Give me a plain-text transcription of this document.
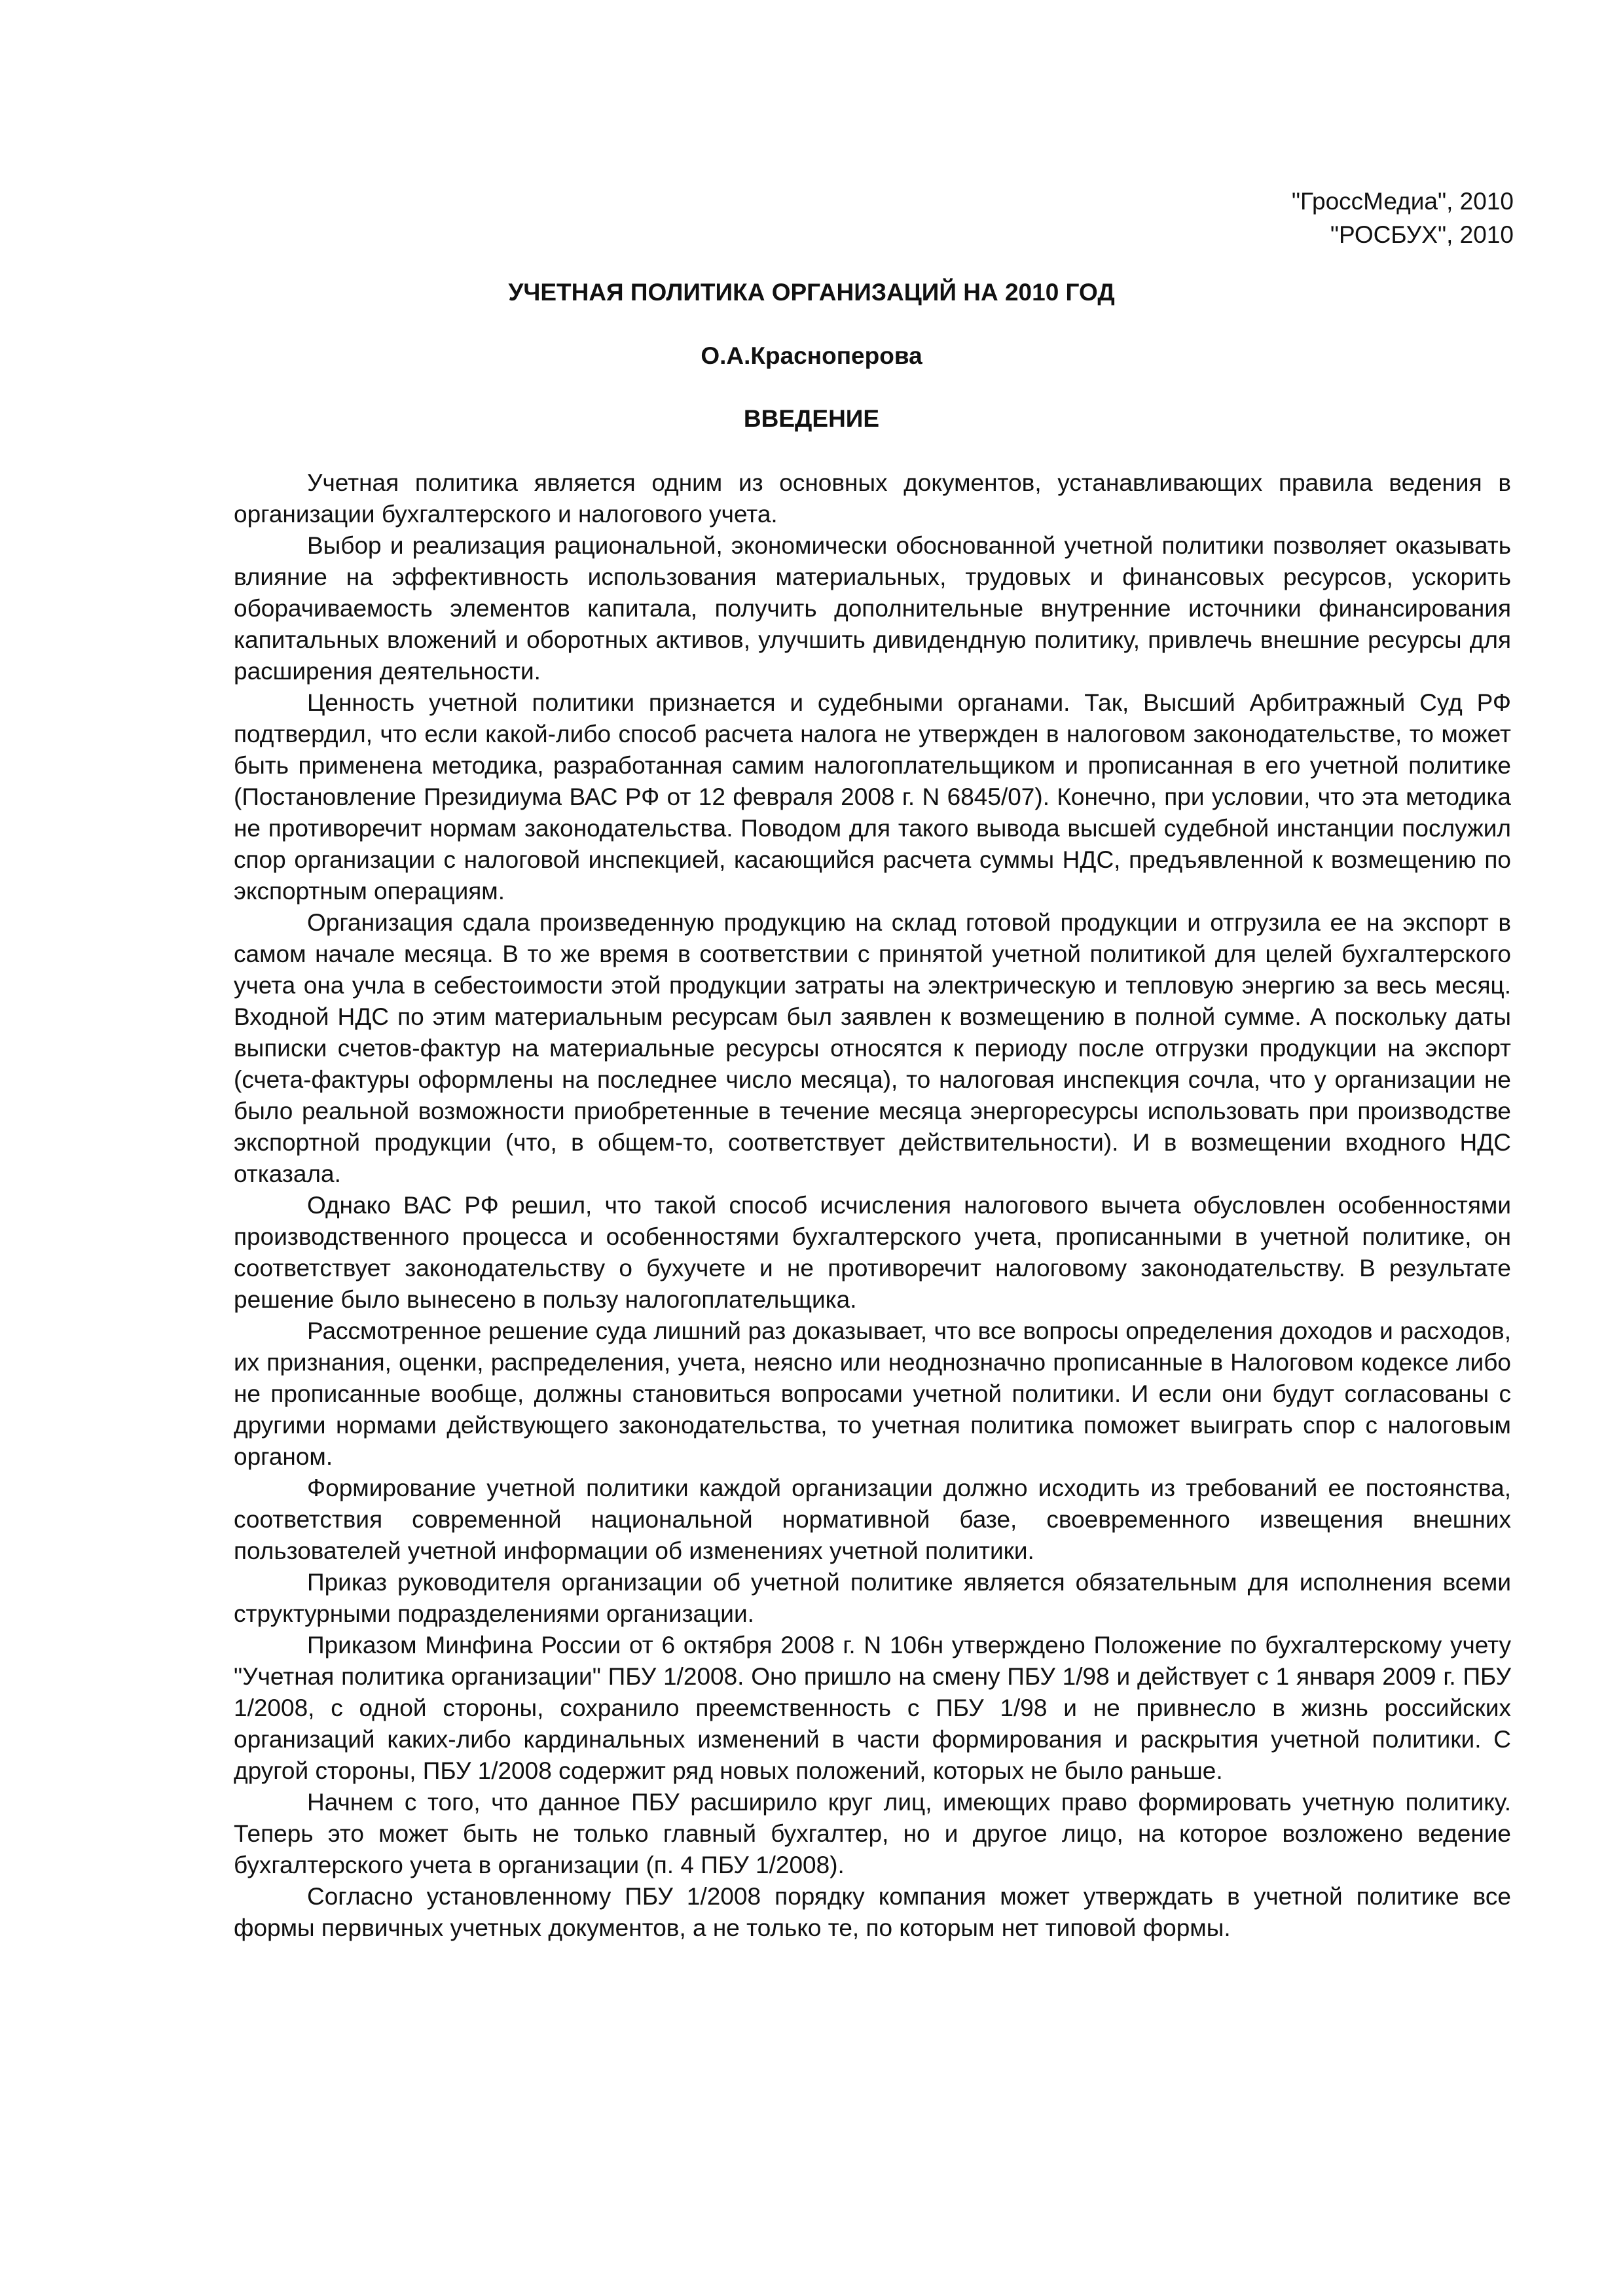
"ГроссМедиа", 2010
"РОСБУХ", 2010
УЧЕТНАЯ ПОЛИТИКА ОРГАНИЗАЦИЙ НА 2010 ГОД
О.А.Красноперова
ВВЕДЕНИЕ

Учетная политика является одним из основных документов, устанавливающих правила ведения в организации бухгалтерского и налогового учета.

Выбор и реализация рациональной, экономически обоснованной учетной политики позволяет оказывать влияние на эффективность использования материальных, трудовых и финансовых ресурсов, ускорить оборачиваемость элементов капитала, получить дополнительные внутренние источники финансирования капитальных вложений и оборотных активов, улучшить дивидендную политику, привлечь внешние ресурсы для расширения деятельности.

Ценность учетной политики признается и судебными органами. Так, Высший Арбитражный Суд РФ подтвердил, что если какой-либо способ расчета налога не утвержден в налоговом законодательстве, то может быть применена методика, разработанная самим налогоплательщиком и прописанная в его учетной политике (Постановление Президиума ВАС РФ от 12 февраля 2008 г. N 6845/07). Конечно, при условии, что эта методика не противоречит нормам законодательства. Поводом для такого вывода высшей судебной инстанции послужил спор организации с налоговой инспекцией, касающийся расчета суммы НДС, предъявленной к возмещению по экспортным операциям.

Организация сдала произведенную продукцию на склад готовой продукции и отгрузила ее на экспорт в самом начале месяца. В то же время в соответствии с принятой учетной политикой для целей бухгалтерского учета она учла в себестоимости этой продукции затраты на электрическую и тепловую энергию за весь месяц. Входной НДС по этим материальным ресурсам был заявлен к возмещению в полной сумме. А поскольку даты выписки счетов-фактур на материальные ресурсы относятся к периоду после отгрузки продукции на экспорт (счета-фактуры оформлены на последнее число месяца), то налоговая инспекция сочла, что у организации не было реальной возможности приобретенные в течение месяца энергоресурсы использовать при производстве экспортной продукции (что, в общем-то, соответствует действительности). И в возмещении входного НДС отказала.

Однако ВАС РФ решил, что такой способ исчисления налогового вычета обусловлен особенностями производственного процесса и особенностями бухгалтерского учета, прописанными в учетной политике, он соответствует законодательству о бухучете и не противоречит налоговому законодательству. В результате решение было вынесено в пользу налогоплательщика.

Рассмотренное решение суда лишний раз доказывает, что все вопросы определения доходов и расходов, их признания, оценки, распределения, учета, неясно или неоднозначно прописанные в Налоговом кодексе либо не прописанные вообще, должны становиться вопросами учетной политики. И если они будут согласованы с другими нормами действующего законодательства, то учетная политика поможет выиграть спор с налоговым органом.

Формирование учетной политики каждой организации должно исходить из требований ее постоянства, соответствия современной национальной нормативной базе, своевременного извещения внешних пользователей учетной информации об изменениях учетной политики.

Приказ руководителя организации об учетной политике является обязательным для исполнения всеми структурными подразделениями организации.

Приказом Минфина России от 6 октября 2008 г. N 106н утверждено Положение по бухгалтерскому учету "Учетная политика организации" ПБУ 1/2008. Оно пришло на смену ПБУ 1/98 и действует с 1 января 2009 г. ПБУ 1/2008, с одной стороны, сохранило преемственность с ПБУ 1/98 и не привнесло в жизнь российских организаций каких-либо кардинальных изменений в части формирования и раскрытия учетной политики. С другой стороны, ПБУ 1/2008 содержит ряд новых положений, которых не было раньше.

Начнем с того, что данное ПБУ расширило круг лиц, имеющих право формировать учетную политику. Теперь это может быть не только главный бухгалтер, но и другое лицо, на которое возложено ведение бухгалтерского учета в организации (п. 4 ПБУ 1/2008).

Согласно установленному ПБУ 1/2008 порядку компания может утверждать в учетной политике все формы первичных учетных документов, а не только те, по которым нет типовой формы.
